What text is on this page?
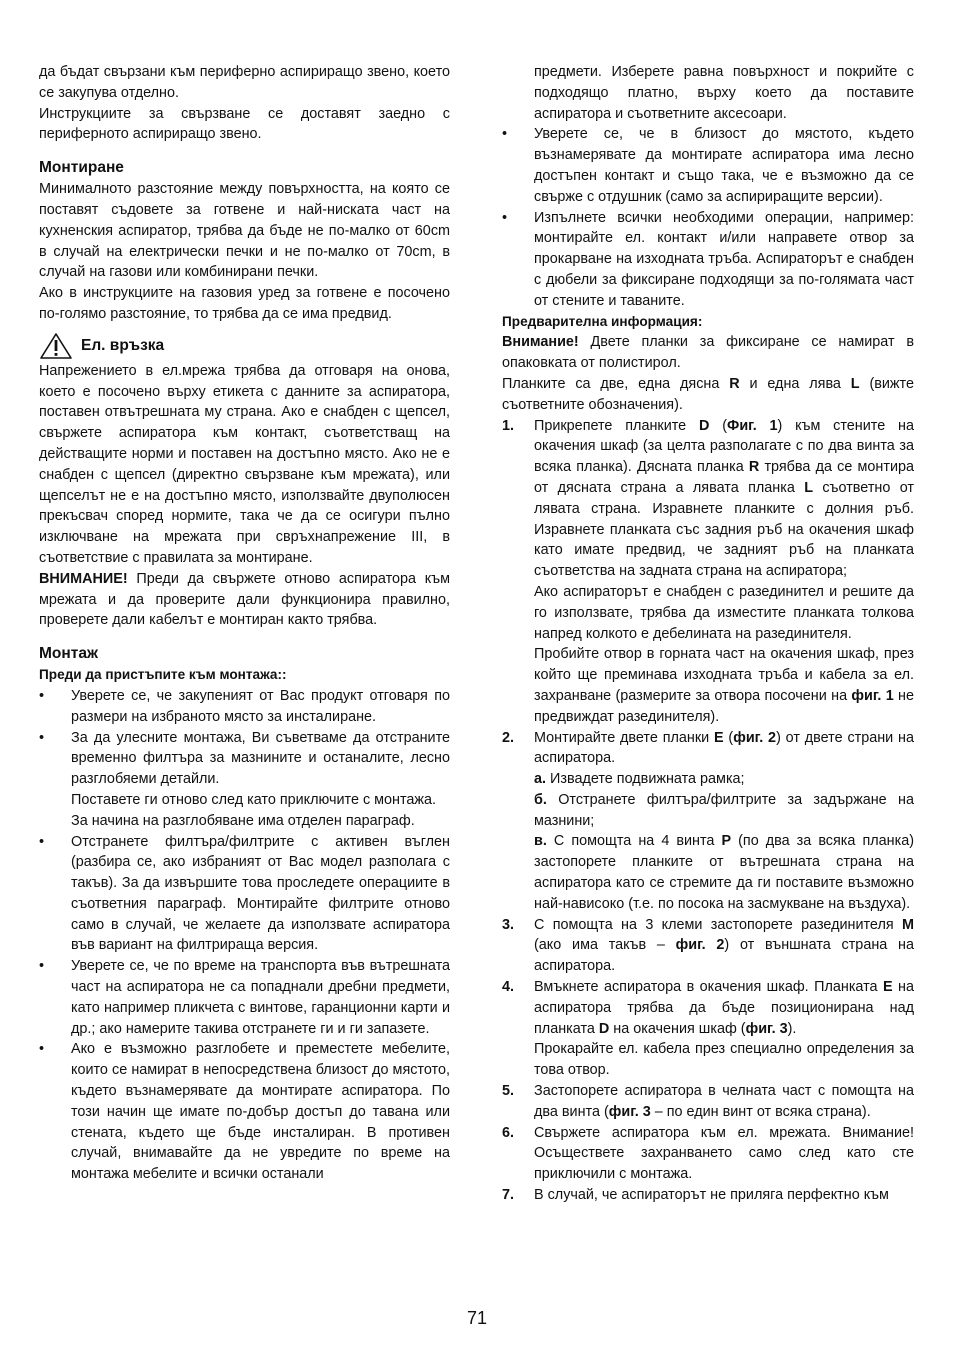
да бъдат свързани към периферно аспириращо звено, което се закупува отделно.

Инструкциите за свързване се доставят заедно с периферното аспириращо звено.

Монтиране

Минималното разстояние между повърхността, на която се поставят съдовете за готвене и най-ниската част на кухненския аспиратор, трябва да бъде не по-малко от 60cm в случай на електрически печки и не по-малко от 70cm, в случай на газови или комбинирани печки.

Ако в инструкциите на газовия уред за готвене е посочено по-голямо разстояние, то трябва да се има предвид.

Ел. връзка

Напрежението в ел.мрежа трябва да отговаря на онова, което е посочено върху етикета с данните за аспиратора, поставен отвътрешната му страна. Ако е снабден с щепсел, свържете аспиратора към контакт, съответстващ на действащите норми и поставен на достъпно място. Ако не е снабден с щепсел (директно свързване към мрежата), или щепселът не е на достъпно място, използвайте двуполюсен прекъсвач според нормите, така че да се осигури пълно изключване на мрежата при свръхнапрежение III, в съответствие с правилата за монтиране.

ВНИМАНИЕ! Преди да свържете отново аспиратора към мрежата и да проверите дали функционира правилно, проверете дали кабелът е монтиран както трябва.

Монтаж
Преди да пристъпите към монтажа::
• Уверете се, че закупеният от Вас продукт отговаря по размери на избраното място за инсталиране.
• За да улесните монтажа, Ви съветваме да отстраните временно филтъра за мазнините и останалите, лесно разглобяеми детайли.
Поставете ги отново след като приключите с монтажа.
За начина на разглобяване има отделен параграф.
• Отстранете филтъра/филтрите с активен въглен (разбира се, ако избраният от Вас модел разполага с такъв). За да извършите това проследете операциите в съответния параграф. Монтирайте филтрите отново само в случай, че желаете да използвате аспиратора във вариант на филтрираща версия.
• Уверете се, че по време на транспорта във вътрешната част на аспиратора не са попаднали дребни предмети, като например пликчета с винтове, гаранционни карти и др.; ако намерите такива отстранете ги и ги запазете.
• Ако е възможно разглобете и преместете мебелите, които се намират в непосредствена близост до мястото, където възнамерявате да монтирате аспиратора. По този начин ще имате по-добър достъп до тавана или стената, където ще бъде инсталиран. В противен случай, внимавайте да не увредите по време на монтажа мебелите и всички останали
предмети. Изберете равна повърхност и покрийте с подходящо платно, върху което да поставите аспиратора и съответните аксесоари.
• Уверете се, че в близост до мястото, където възнамерявате да монтирате аспиратора има лесно достъпен контакт и също така, че е възможно да се свърже с отдушник (само за аспириращите версии).
• Изпълнете всички необходими операции, например: монтирайте ел. контакт и/или направете отвор за прокарване на изходната тръба. Аспираторът е снабден с дюбели за фиксиране подходящи за по-голямата част от стените и таваните.
Предварителна информация:

Внимание! Двете планки за фиксиране се намират в опаковката от полистирол.

Планките са две, една дясна R и една лява L (вижте съответните обозначения).

1. Прикрепете планките D (Фиг. 1) към стените на окачения шкаф (за целта разполагате с по два винта за всяка планка). Дясната планка R трябва да се монтира от дясната страна а лявата планка L съответно от лявата страна. Изравнете планките с долния ръб. Изравнете планката със задния ръб на окачения шкаф като имате предвид, че задният ръб на планката съответства на задната страна на аспиратора;
Ако аспираторът е снабден с разединител и решите да го използвате, трябва да изместите планката толкова напред колкото е дебелината на разединителя.
Пробийте отвор в горната част на окачения шкаф, през който ще преминава изходната тръба и кабела за ел. захранване (размерите за отвора посочени на фиг. 1 не предвиждат разединителя).
2. Монтирайте двете планки E (фиг. 2) от двете страни на аспиратора.
а. Извадете подвижната рамка;
б. Отстранете филтъра/филтрите за задържане на мазнини;
в. С помощта на 4 винта P (по два за всяка планка) застопорете планките от вътрешната страна на аспиратора като се стремите да ги поставите възможно най-нависоко (т.е. по посока на засмукване на въздуха).
3. С помощта на 3 клеми застопорете разединителя M (ако има такъв – фиг. 2) от външната страна на аспиратора.
4. Вмъкнете аспиратора в окачения шкаф. Планката E на аспиратора трябва да бъде позиционирана над планката D на окачения шкаф (фиг. 3).
Прокарайте ел. кабела през специално определения за това отвор.
5. Застопорете аспиратора в челната част с помощта на два винта (фиг. 3 – по един винт от всяка страна).
6. Свържете аспиратора към ел. мрежата. Внимание! Осъществете захранването само след като сте приключили с монтажа.
7. В случай, че аспираторът не приляга перфектно към
71
